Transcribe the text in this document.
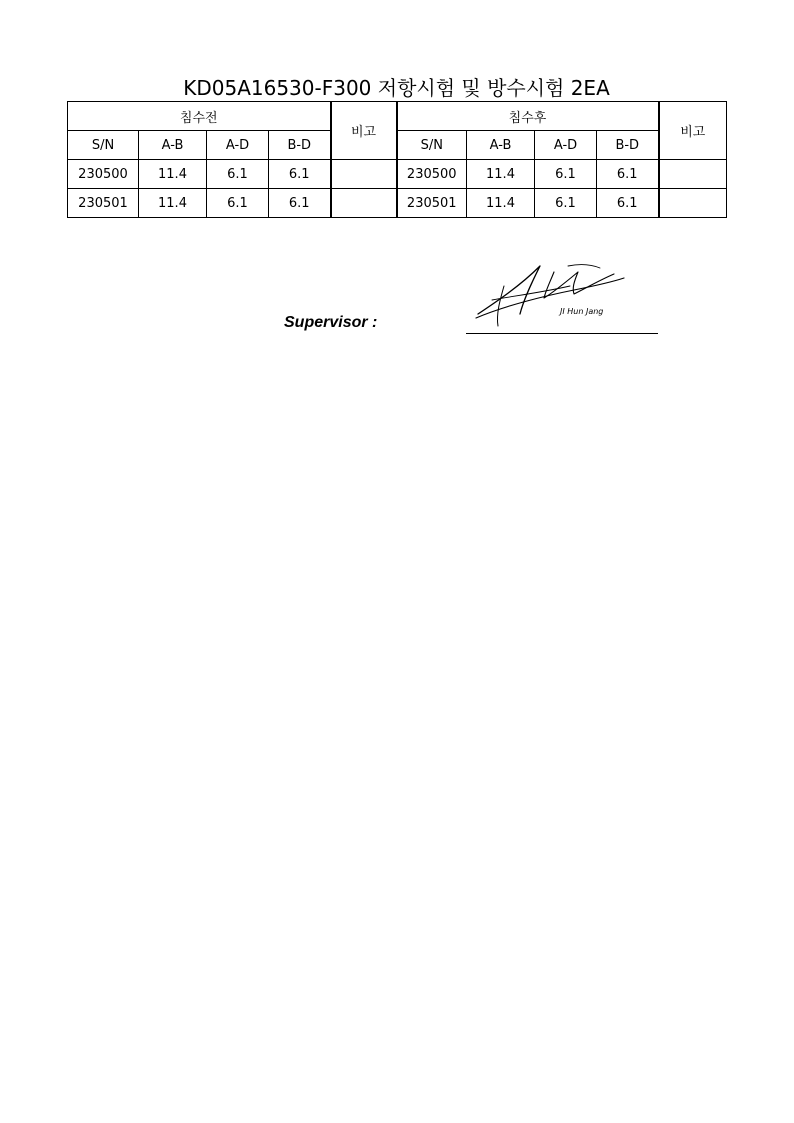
KD05A16530-F300 저항시험 및 방수시험 2EA
침수전				비고	침수후				비고
S/N	A-B	A-D	B-D		S/N	A-B	A-D	B-D	
230500	11.4	6.1	6.1		230500	11.4	6.1	6.1	
230501	11.4	6.1	6.1		230501	11.4	6.1	6.1	
Supervisor :
JI Hun Jang
